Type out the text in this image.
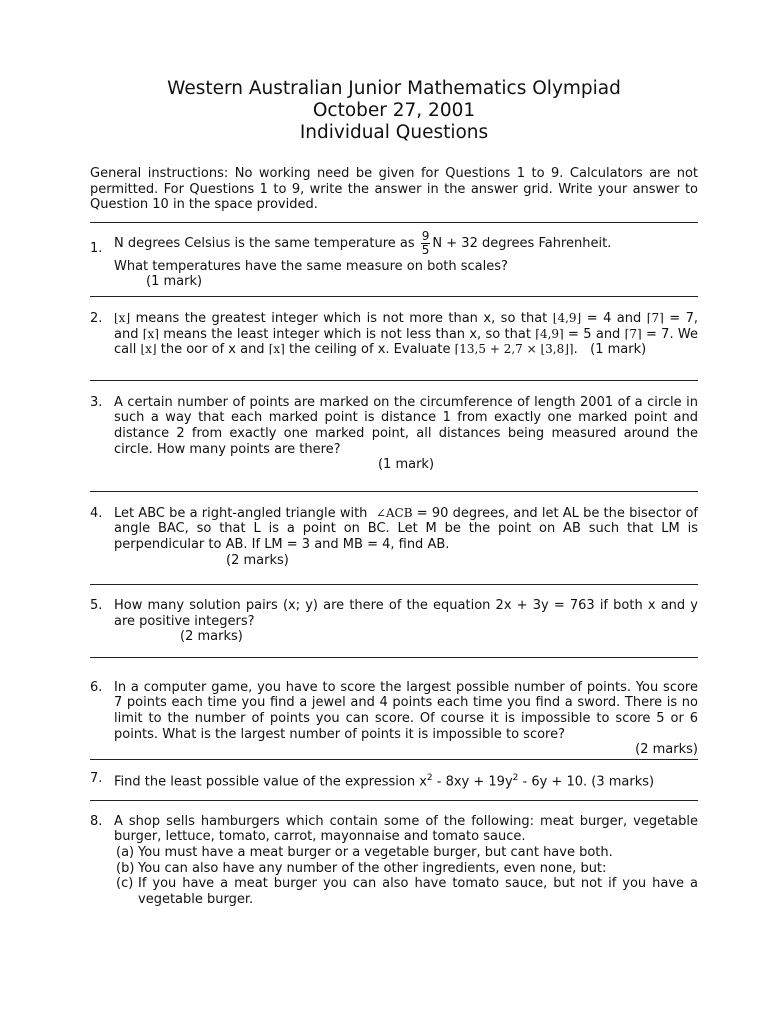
Western Australian Junior Mathematics Olympiad
October 27, 2001
Individual Questions
General instructions: No working need be given for Questions 1 to 9. Calculators are not permitted. For Questions 1 to 9, write the answer in the answer grid. Write your answer to Question 10 in the space provided.
1. N degrees Celsius is the same temperature as $\frac{9}{5}$ N + 32 degrees Fahrenheit.
What temperatures have the same measure on both scales?
(1 mark)
2. ⌊x⌋ means the greatest integer which is not more than x, so that ⌊4,9⌋ = 4 and ⌈7⌉ = 7, and ⌈x⌉ means the least integer which is not less than x, so that ⌈4,9⌉ = 5 and ⌈7⌉ = 7. We call ⌊x⌋ the oor of x and ⌈x⌉ the ceiling of x. Evaluate ⌈13,5 + 2,7 × ⌊3,8⌋⌉. (1 mark)
3. A certain number of points are marked on the circumference of length 2001 of a circle in such a way that each marked point is distance 1 from exactly one marked point and distance 2 from exactly one marked point, all distances being measured around the circle. How many points are there?
(1 mark)
4. Let ABC be a right-angled triangle with ∠ACB = 90 degrees, and let AL be the bisector of angle BAC, so that L is a point on BC. Let M be the point on AB such that LM is perpendicular to AB. If LM = 3 and MB = 4, find AB.
(2 marks)
5. How many solution pairs (x; y) are there of the equation 2x + 3y = 763 if both x and y are positive integers?
(2 marks)
6. In a computer game, you have to score the largest possible number of points. You score 7 points each time you find a jewel and 4 points each time you find a sword. There is no limit to the number of points you can score. Of course it is impossible to score 5 or 6 points. What is the largest number of points it is impossible to score?
(2 marks)
7. Find the least possible value of the expression $x^2 - 8xy + 19y^2 - 6y + 10$. (3 marks)
8. A shop sells hamburgers which contain some of the following: meat burger, vegetable burger, lettuce, tomato, carrot, mayonnaise and tomato sauce.
(a) You must have a meat burger or a vegetable burger, but cant have both.
(b) You can also have any number of the other ingredients, even none, but:
(c) If you have a meat burger you can also have tomato sauce, but not if you have a vegetable burger.
